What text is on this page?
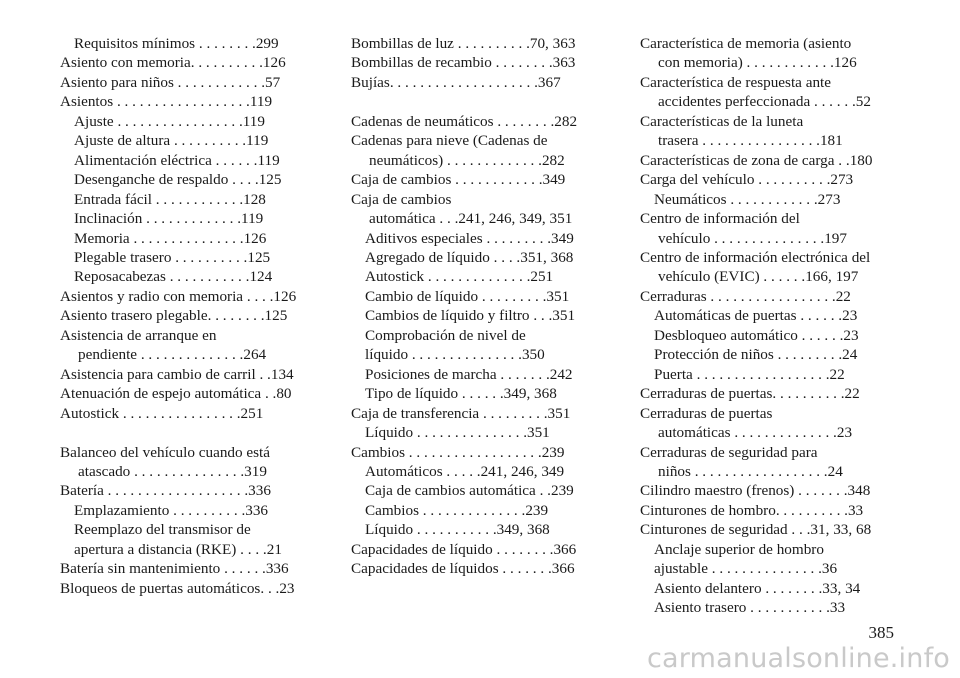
Requisitos mínimos . . . . . . . .299
Asiento con memoria. . . . . . . . . .126
Asiento para niños . . . . . . . . . . . .57
Asientos . . . . . . . . . . . . . . . . . .119
Ajuste . . . . . . . . . . . . . . . . .119
Ajuste de altura . . . . . . . . . .119
Alimentación eléctrica . . . . . .119
Desenganche de respaldo . . . .125
Entrada fácil . . . . . . . . . . . .128
Inclinación . . . . . . . . . . . . .119
Memoria . . . . . . . . . . . . . . .126
Plegable trasero . . . . . . . . . .125
Reposacabezas . . . . . . . . . . .124
Asientos y radio con memoria . . . .126
Asiento trasero plegable. . . . . . . .125
Asistencia de arranque en
pendiente . . . . . . . . . . . . . .264
Asistencia para cambio de carril . .134
Atenuación de espejo automática . .80
Autostick . . . . . . . . . . . . . . . .251
Balanceo del vehículo cuando está
atascado . . . . . . . . . . . . . . .319
Batería . . . . . . . . . . . . . . . . . . .336
Emplazamiento . . . . . . . . . .336
Reemplazo del transmisor de
apertura a distancia (RKE) . . . .21
Batería sin mantenimiento . . . . . .336
Bloqueos de puertas automáticos. . .23
Bombillas de luz . . . . . . . . . .70, 363
Bombillas de recambio . . . . . . . .363
Bujías. . . . . . . . . . . . . . . . . . . .367
Cadenas de neumáticos . . . . . . . .282
Cadenas para nieve (Cadenas de
neumáticos) . . . . . . . . . . . . .282
Caja de cambios . . . . . . . . . . . .349
Caja de cambios
automática . . .241, 246, 349, 351
Aditivos especiales . . . . . . . . .349
Agregado de líquido . . . .351, 368
Autostick . . . . . . . . . . . . . .251
Cambio de líquido . . . . . . . . .351
Cambios de líquido y filtro . . .351
Comprobación de nivel de
líquido . . . . . . . . . . . . . . .350
Posiciones de marcha . . . . . . .242
Tipo de líquido . . . . . .349, 368
Caja de transferencia . . . . . . . . .351
Líquido . . . . . . . . . . . . . . .351
Cambios . . . . . . . . . . . . . . . . . .239
Automáticos . . . . .241, 246, 349
Caja de cambios automática . .239
Cambios . . . . . . . . . . . . . .239
Líquido . . . . . . . . . . .349, 368
Capacidades de líquido . . . . . . . .366
Capacidades de líquidos . . . . . . .366
Característica de memoria (asiento
con memoria) . . . . . . . . . . . .126
Característica de respuesta ante
accidentes perfeccionada . . . . . .52
Características de la luneta
trasera . . . . . . . . . . . . . . . .181
Características de zona de carga . .180
Carga del vehículo . . . . . . . . . .273
Neumáticos . . . . . . . . . . . .273
Centro de información del
vehículo . . . . . . . . . . . . . . .197
Centro de información electrónica del
vehículo (EVIC) . . . . . .166, 197
Cerraduras . . . . . . . . . . . . . . . . .22
Automáticas de puertas . . . . . .23
Desbloqueo automático . . . . . .23
Protección de niños . . . . . . . . .24
Puerta . . . . . . . . . . . . . . . . . .22
Cerraduras de puertas. . . . . . . . . .22
Cerraduras de puertas
automáticas . . . . . . . . . . . . . .23
Cerraduras de seguridad para
niños . . . . . . . . . . . . . . . . . .24
Cilindro maestro (frenos) . . . . . . .348
Cinturones de hombro. . . . . . . . . .33
Cinturones de seguridad . . .31, 33, 68
Anclaje superior de hombro
ajustable . . . . . . . . . . . . . . .36
Asiento delantero . . . . . . . .33, 34
Asiento trasero . . . . . . . . . . .33
385
carmanualsonline.info
